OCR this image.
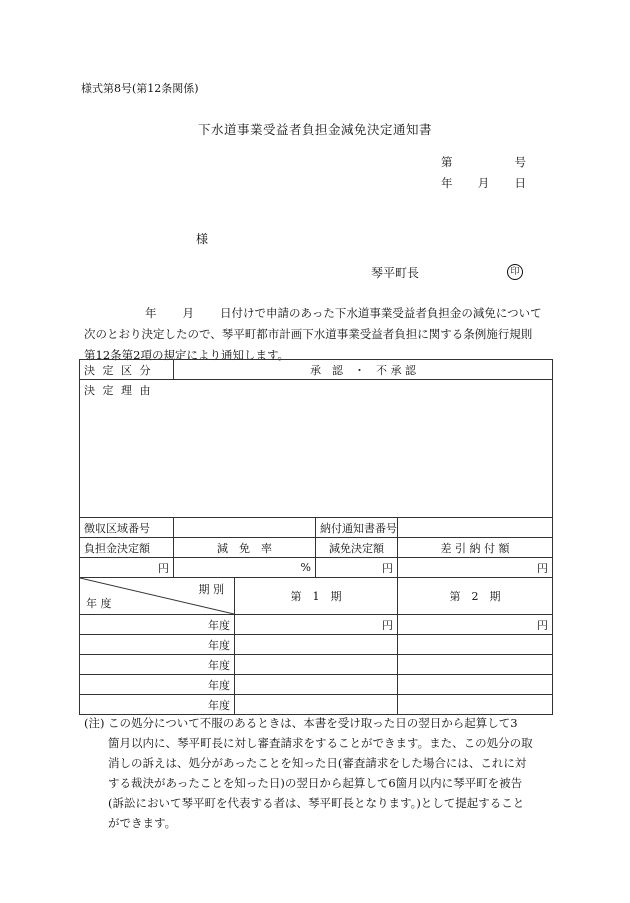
様式第8号(第12条関係)
下水道事業受益者負担金減免決定通知書
第	号
年 月 日
様
琴平町長	印
年 月 日付けで申請のあった下水道事業受益者負担金の減免について
次のとおり決定したので、琴平町都市計画下水道事業受益者負担に関する条例施行規則
第12条第2項の規定により通知します。
決 定 区 分	承　認　・　不 承 認			
決 定 理 由				
徴収区域番号			納付通知書番号	
負担金決定額	減　免　率		減免決定額	差 引 納 付 額
円	%		円	円

期 別
年 度		第　1　期		第　2　期
年度		円		円
年度				
年度				
年度				
年度				
(注) この処分について不服のあるときは、本書を受け取った日の翌日から起算して3
箇月以内に、琴平町長に対し審査請求をすることができます。また、この処分の取
消しの訴えは、処分があったことを知った日(審査請求をした場合には、これに対
する裁決があったことを知った日)の翌日から起算して6箇月以内に琴平町を被告
(訴訟において琴平町を代表する者は、琴平町長となります。)として提起すること
ができます。
